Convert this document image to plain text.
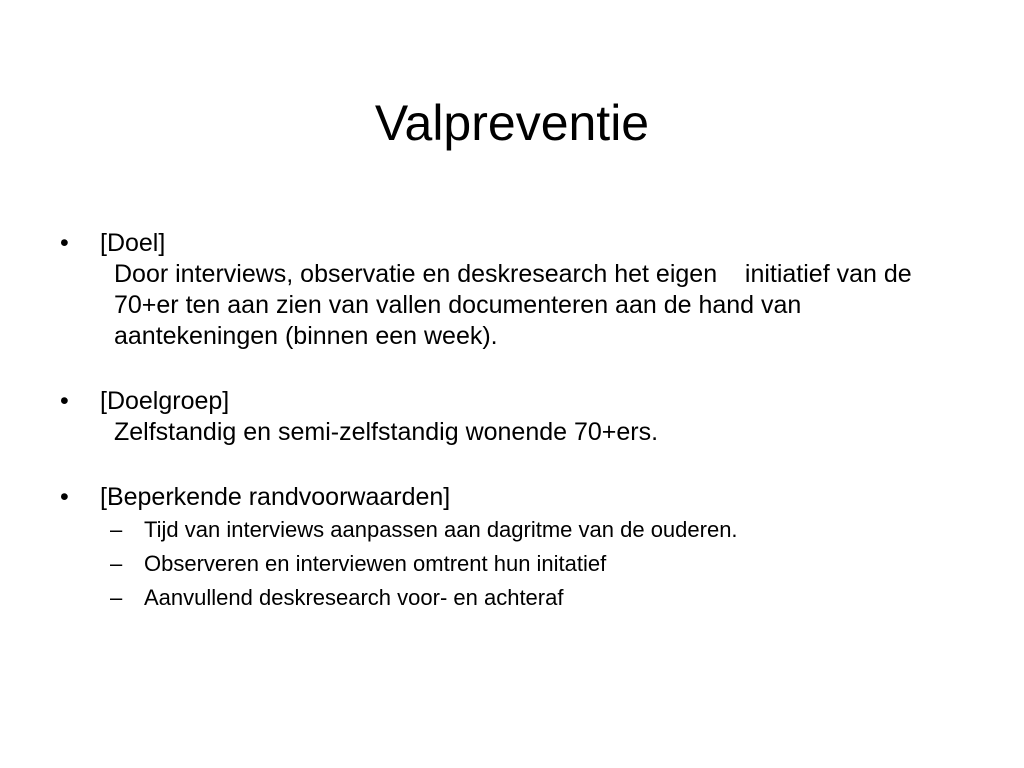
Valpreventie
•	[Doel]
Door interviews, observatie en deskresearch het eigen    initiatief van de 70+er ten aan zien van vallen documenteren aan de hand van aantekeningen (binnen een week).
•	[Doelgroep]
Zelfstandig en semi-zelfstandig wonende 70+ers.
•	[Beperkende randvoorwaarden]
– Tijd van interviews aanpassen aan dagritme van de ouderen.
– Observeren en interviewen omtrent hun initatief
– Aanvullend deskresearch voor- en achteraf
